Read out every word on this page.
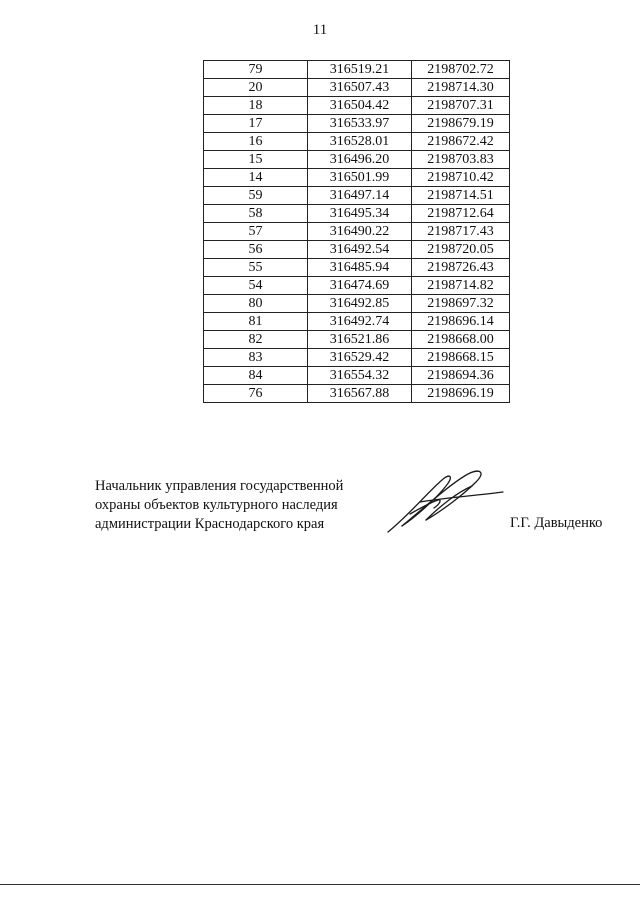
11
79	316519.21	2198702.72
20	316507.43	2198714.30
18	316504.42	2198707.31
17	316533.97	2198679.19
16	316528.01	2198672.42
15	316496.20	2198703.83
14	316501.99	2198710.42
59	316497.14	2198714.51
58	316495.34	2198712.64
57	316490.22	2198717.43
56	316492.54	2198720.05
55	316485.94	2198726.43
54	316474.69	2198714.82
80	316492.85	2198697.32
81	316492.74	2198696.14
82	316521.86	2198668.00
83	316529.42	2198668.15
84	316554.32	2198694.36
76	316567.88	2198696.19
Начальник управления государственной
охраны объектов культурного наследия
администрации Краснодарского края	Г.Г. Давыденко
